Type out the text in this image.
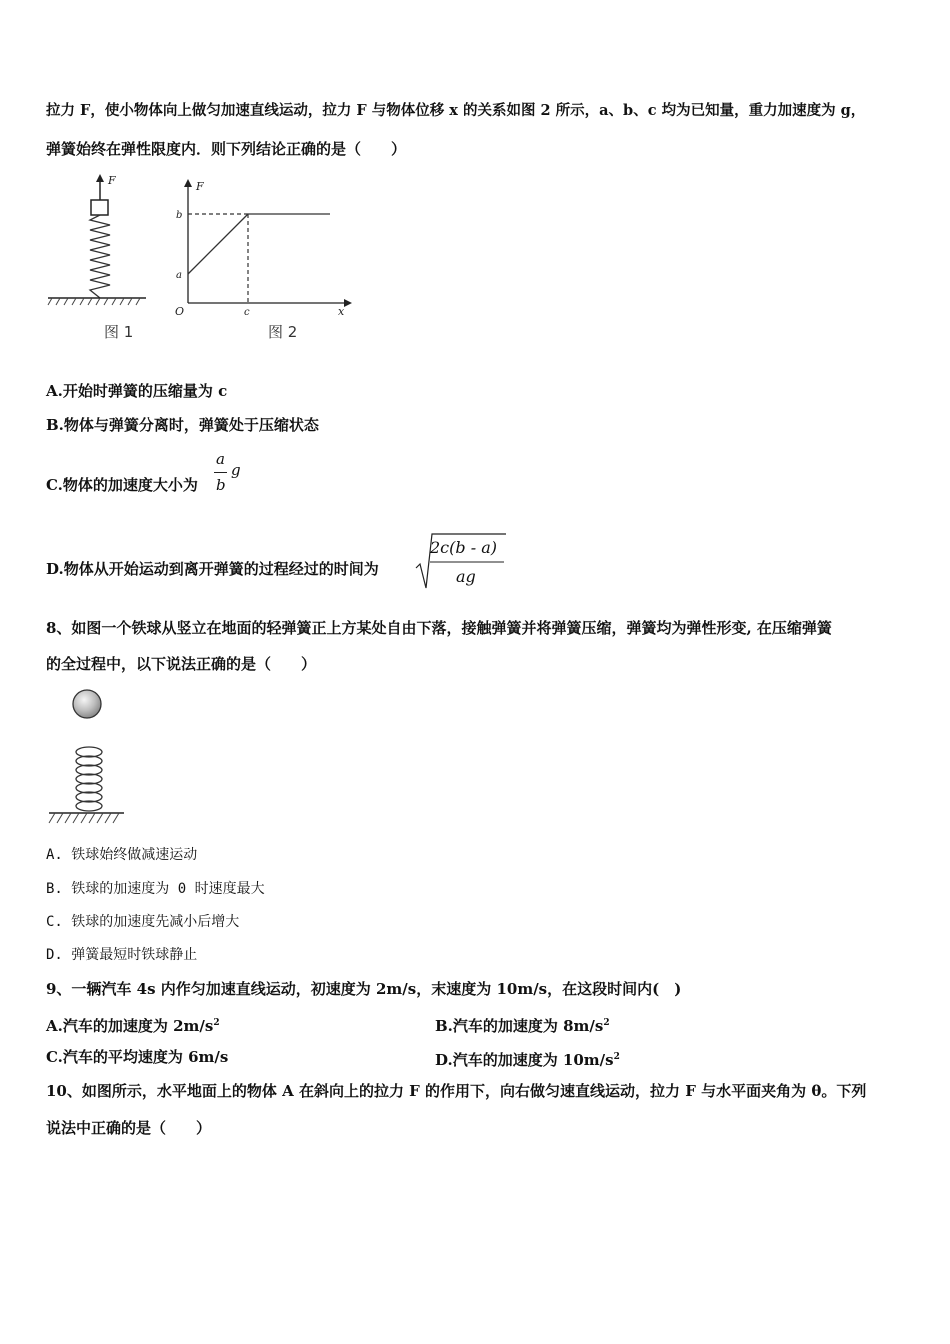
拉力 F，使小物体向上做匀加速直线运动，拉力 F 与物体位移 x 的关系如图 2 所示，a、b、c 均为已知量，重力加速度为 g，
弹簧始终在弹性限度内．则下列结论正确的是（　　）
F
图 1
F
x
O
b
a
c
图 2
A.开始时弹簧的压缩量为 c
B.物体与弹簧分离时，弹簧处于压缩状态
C.物体的加速度大小为
a
b
g
D.物体从开始运动到离开弹簧的过程经过的时间为
2c(b - a)
ag
8、如图一个铁球从竖立在地面的轻弹簧正上方某处自由下落，接触弹簧并将弹簧压缩，弹簧均为弹性形变, 在压缩弹簧
的全过程中，以下说法正确的是（　　）
A. 铁球始终做减速运动
B. 铁球的加速度为 0 时速度最大
C. 铁球的加速度先减小后增大
D. 弹簧最短时铁球静止
9、一辆汽车 4s 内作匀加速直线运动，初速度为 2m/s，末速度为 10m/s，在这段时间内(　)
A.汽车的加速度为 $2m/s^2$	B.汽车的加速度为 $8m/s^2$
C.汽车的平均速度为 6m/s	D.汽车的加速度为 $10m/s^2$
10、如图所示，水平地面上的物体 A 在斜向上的拉力 F 的作用下，向右做匀速直线运动，拉力 F 与水平面夹角为 θ。下列
说法中正确的是（　　）
